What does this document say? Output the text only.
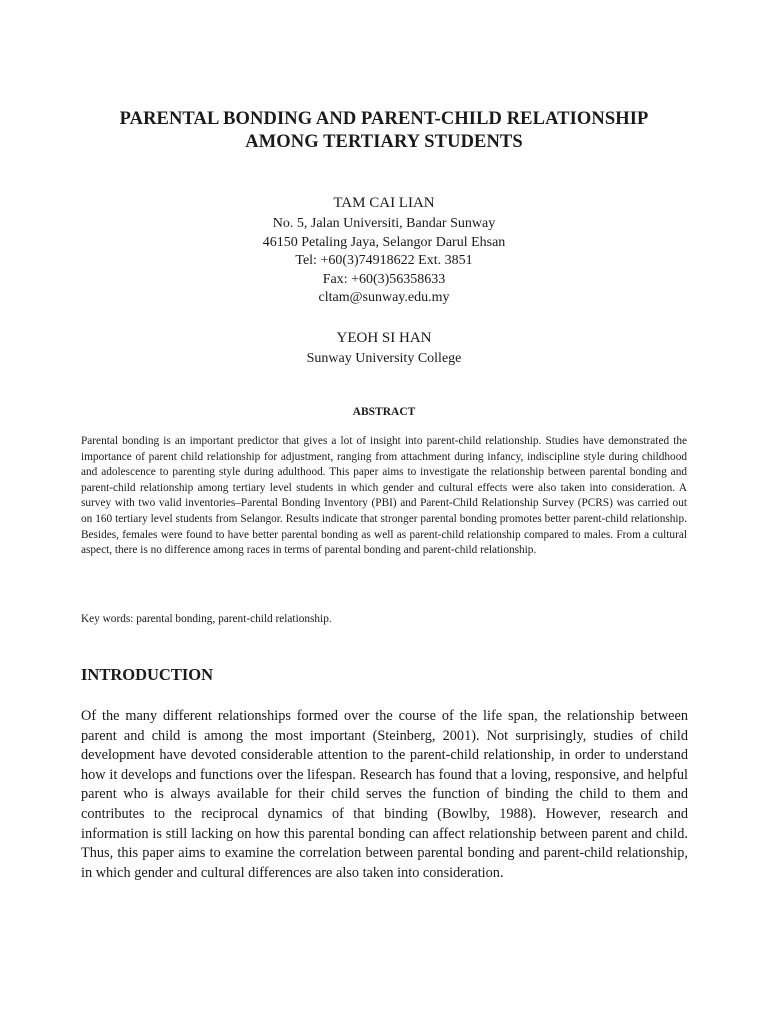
PARENTAL BONDING AND PARENT-CHILD RELATIONSHIP
AMONG TERTIARY STUDENTS
TAM CAI LIAN
No. 5, Jalan Universiti, Bandar Sunway
46150 Petaling Jaya, Selangor Darul Ehsan
Tel: +60(3)74918622 Ext. 3851
Fax: +60(3)56358633
cltam@sunway.edu.my
YEOH SI HAN
Sunway University College
ABSTRACT
Parental bonding is an important predictor that gives a lot of insight into parent-child relationship. Studies have demonstrated the importance of parent child relationship for adjustment, ranging from attachment during infancy, indiscipline style during childhood and adolescence to parenting style during adulthood. This paper aims to investigate the relationship between parental bonding and parent-child relationship among tertiary level students in which gender and cultural effects were also taken into consideration. A survey with two valid inventories–Parental Bonding Inventory (PBI) and Parent-Child Relationship Survey (PCRS) was carried out on 160 tertiary level students from Selangor. Results indicate that stronger parental bonding promotes better parent-child relationship. Besides, females were found to have better parental bonding as well as parent-child relationship compared to males. From a cultural aspect, there is no difference among races in terms of parental bonding and parent-child relationship.
Key words: parental bonding, parent-child relationship.
INTRODUCTION
Of the many different relationships formed over the course of the life span, the relationship between parent and child is among the most important (Steinberg, 2001). Not surprisingly, studies of child development have devoted considerable attention to the parent-child relationship, in order to understand how it develops and functions over the lifespan. Research has found that a loving, responsive, and helpful parent who is always available for their child serves the function of binding the child to them and contributes to the reciprocal dynamics of that binding (Bowlby, 1988). However, research and information is still lacking on how this parental bonding can affect relationship between parent and child. Thus, this paper aims to examine the correlation between parental bonding and parent-child relationship, in which gender and cultural differences are also taken into consideration.
